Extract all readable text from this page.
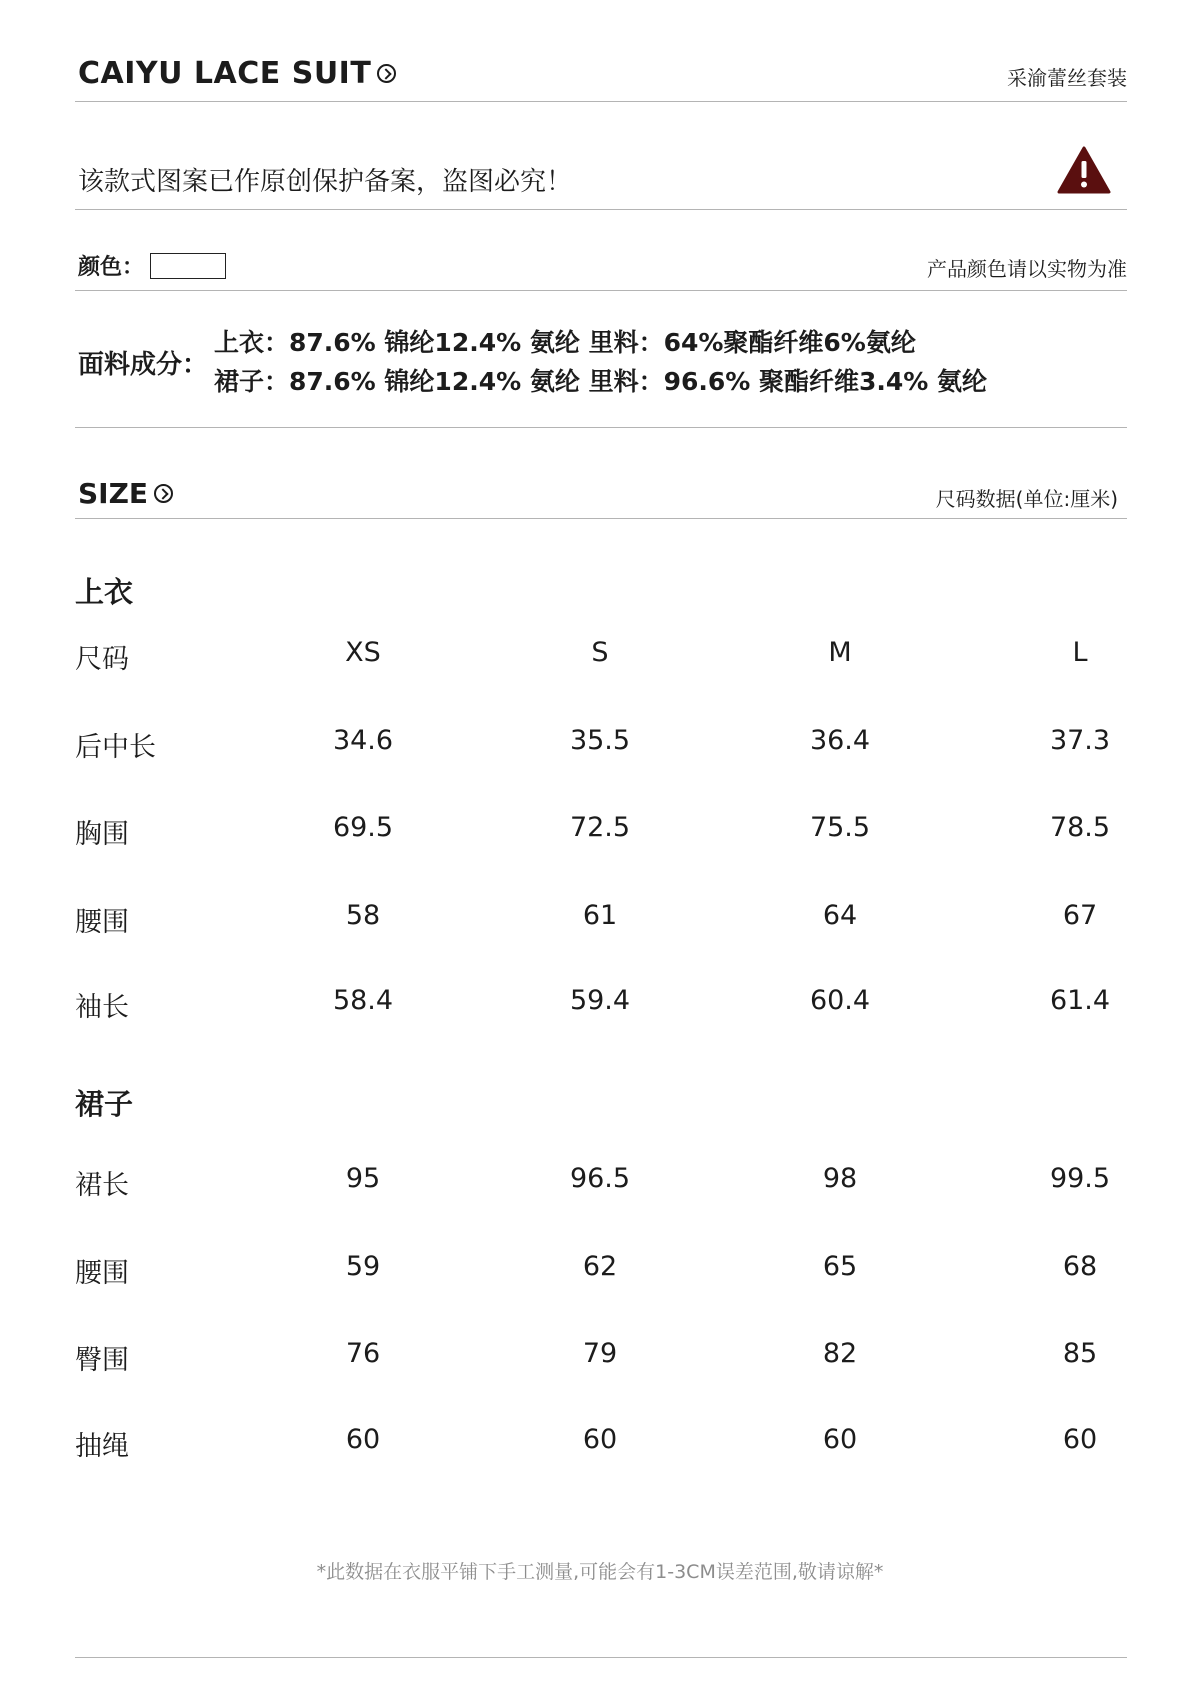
CAIYU LACE SUIT	采渝蕾丝套装
该款式图案已作原创保护备案，盗图必究！
颜色：	产品颜色请以实物为准
面料成分：
上衣：87.6% 锦纶12.4% 氨纶 里料：64%聚酯纤维6%氨纶
裙子：87.6% 锦纶12.4% 氨纶 里料：96.6% 聚酯纤维3.4% 氨纶
SIZE	尺码数据(单位:厘米)
上衣
尺码	XS	S	M	L
后中长	34.6	35.5	36.4	37.3
胸围	69.5	72.5	75.5	78.5
腰围	58	61	64	67
袖长	58.4	59.4	60.4	61.4
裙子
裙长	95	96.5	98	99.5
腰围	59	62	65	68
臀围	76	79	82	85
抽绳	60	60	60	60
*此数据在衣服平铺下手工测量,可能会有1-3CM误差范围,敬请谅解*
